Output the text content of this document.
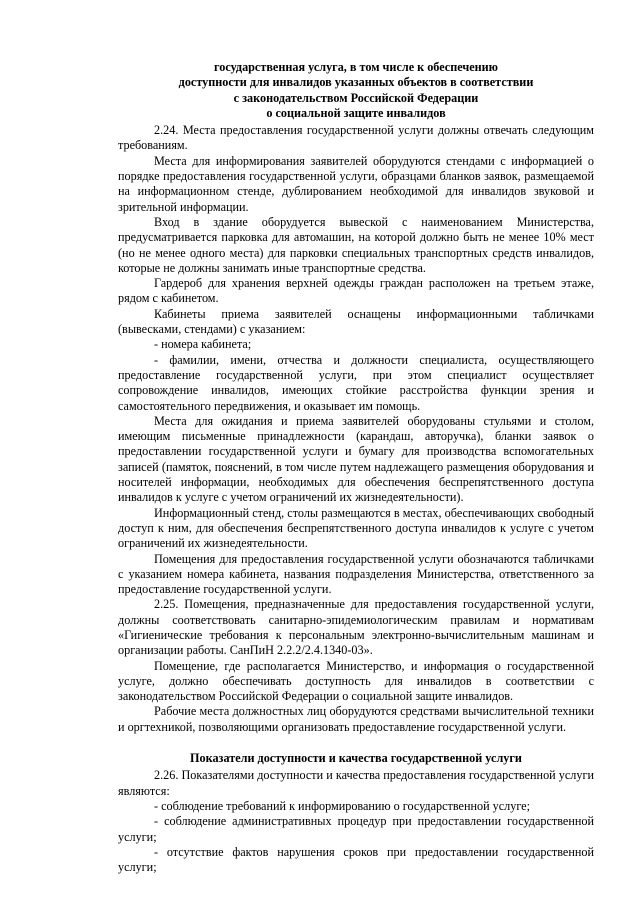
государственная услуга, в том числе к обеспечению
доступности для инвалидов указанных объектов в соответствии
с законодательством Российской Федерации
о социальной защите инвалидов

2.24. Места предоставления государственной услуги должны отвечать следующим требованиям.

Места для информирования заявителей оборудуются стендами с информацией о порядке предоставления государственной услуги, образцами бланков заявок, размещаемой на информационном стенде, дублированием необходимой для инвалидов звуковой и зрительной информации.

Вход в здание оборудуется вывеской с наименованием Министерства, предусматривается парковка для автомашин, на которой должно быть не менее 10% мест (но не менее одного места) для парковки специальных транспортных средств инвалидов, которые не должны занимать иные транспортные средства.

Гардероб для хранения верхней одежды граждан расположен на третьем этаже, рядом с кабинетом.

Кабинеты приема заявителей оснащены информационными табличками (вывесками, стендами) с указанием:

- номера кабинета;

- фамилии, имени, отчества и должности специалиста, осуществляющего предоставление государственной услуги, при этом специалист осуществляет сопровождение инвалидов, имеющих стойкие расстройства функции зрения и самостоятельного передвижения, и оказывает им помощь.

Места для ожидания и приема заявителей оборудованы стульями и столом, имеющим письменные принадлежности (карандаш, авторучка), бланки заявок о предоставлении государственной услуги и бумагу для производства вспомогательных записей (памяток, пояснений, в том числе путем надлежащего размещения оборудования и носителей информации, необходимых для обеспечения беспрепятственного доступа инвалидов к услуге с учетом ограничений их жизнедеятельности).

Информационный стенд, столы размещаются в местах, обеспечивающих свободный доступ к ним, для обеспечения беспрепятственного доступа инвалидов к услуге с учетом ограничений их жизнедеятельности.

Помещения для предоставления государственной услуги обозначаются табличками с указанием номера кабинета, названия подразделения Министерства, ответственного за предоставление государственной услуги.

2.25. Помещения, предназначенные для предоставления государственной услуги, должны соответствовать санитарно-эпидемиологическим правилам и нормативам «Гигиенические требования к персональным электронно-вычислительным машинам и организации работы. СанПиН 2.2.2/2.4.1340-03».

Помещение, где располагается Министерство, и информация о государственной услуге, должно обеспечивать доступность для инвалидов в соответствии с законодательством Российской Федерации о социальной защите инвалидов.

Рабочие места должностных лиц оборудуются средствами вычислительной техники и оргтехникой, позволяющими организовать предоставление государственной услуги.

Показатели доступности и качества государственной услуги

2.26. Показателями доступности и качества предоставления государственной услуги являются:

- соблюдение требований к информированию о государственной услуге;

- соблюдение административных процедур при предоставлении государственной услуги;

- отсутствие фактов нарушения сроков при предоставлении государственной услуги;
